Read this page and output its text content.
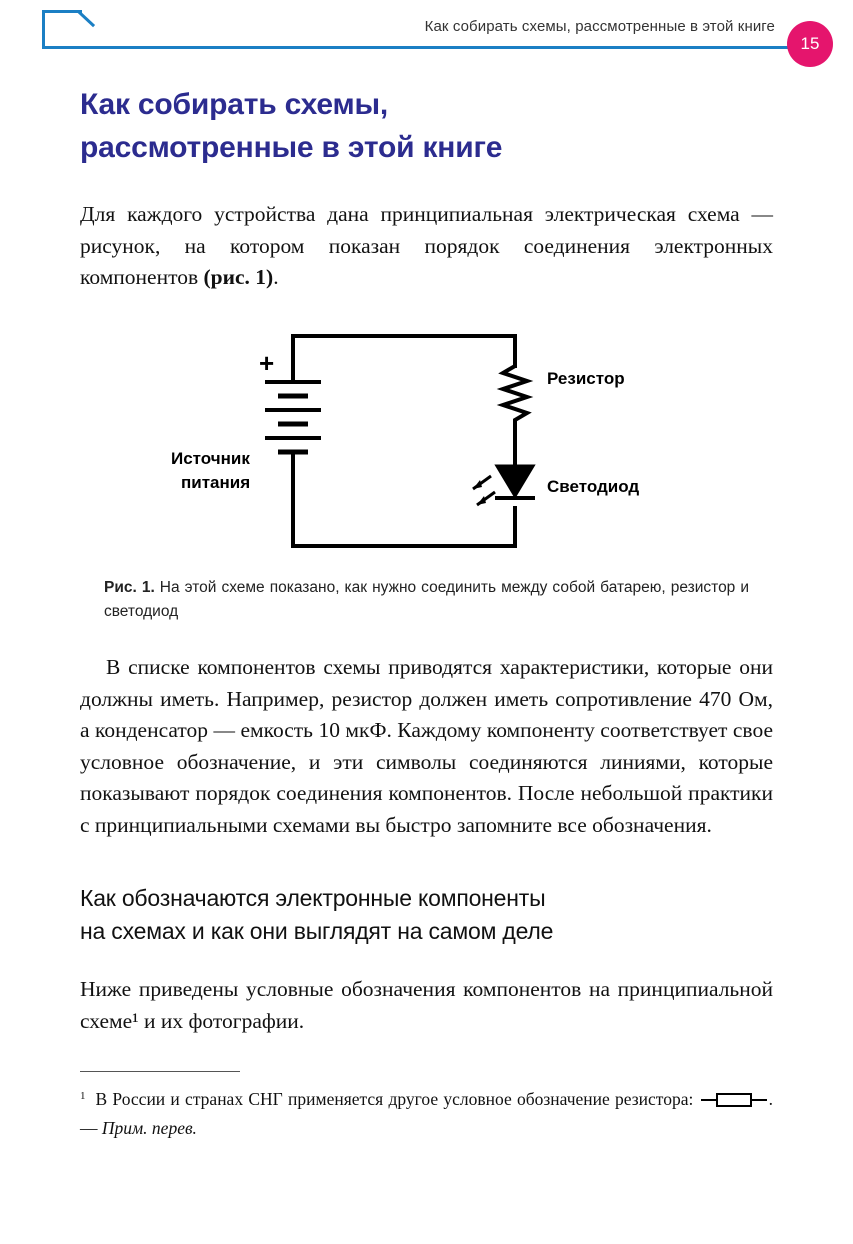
Как собирать схемы, рассмотренные в этой книге
15
Как собирать схемы,
рассмотренные в этой книге

Для каждого устройства дана принципиальная электрическая схема — рисунок, на котором показан порядок соединения электронных компонентов (рис. 1).

+
Резистор
Светодиод
Источник
питания
Рис. 1. На этой схеме показано, как нужно соединить между собой батарею, резистор и светодиод

В списке компонентов схемы приводятся характеристики, которые они должны иметь. Например, резистор должен иметь сопротивление 470 Ом, а конденсатор — емкость 10 мкФ. Каждому компоненту соответствует свое условное обозначение, и эти символы соединяются линиями, которые показывают порядок соединения компонентов. После небольшой практики с принципиальными схемами вы быстро запомните все обозначения.

Как обозначаются электронные компоненты
на схемах и как они выглядят на самом деле

Ниже приведены условные обозначения компонентов на принципиальной схеме¹ и их фотографии.

$^1$ В России и странах СНГ применяется другое условное обозначение резистора:	. — Прим. перев.
